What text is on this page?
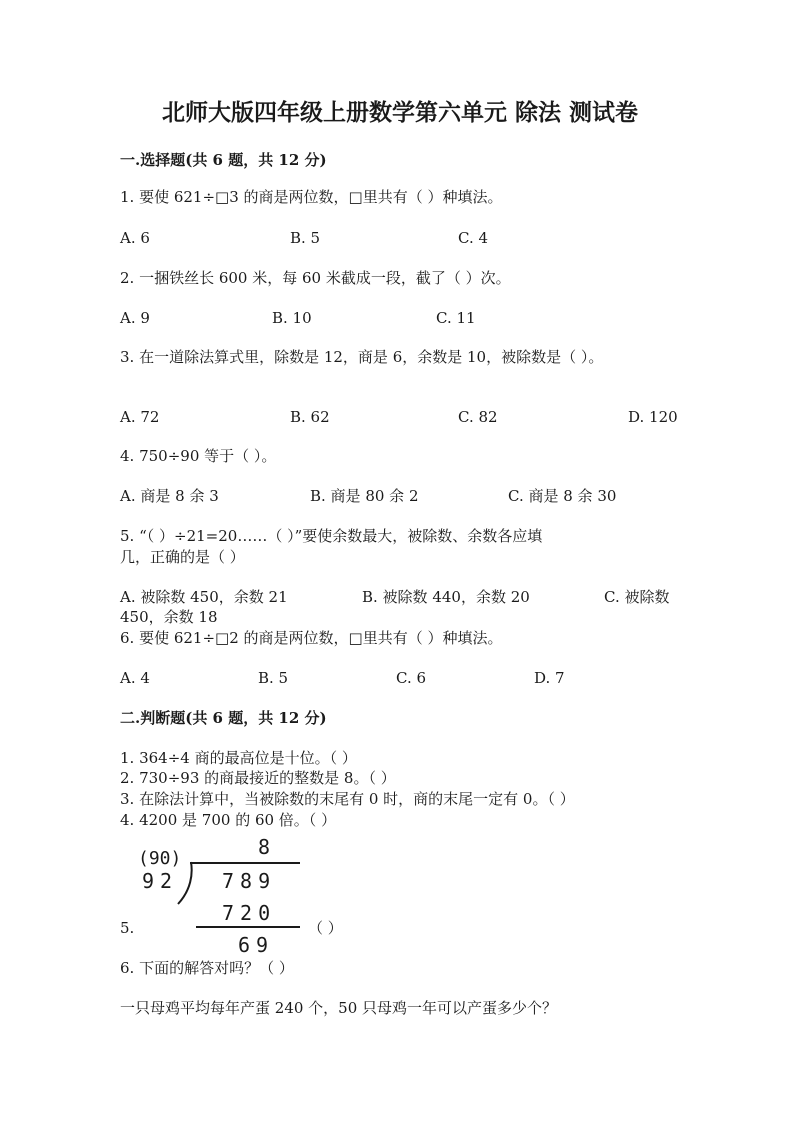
北师大版四年级上册数学第六单元 除法 测试卷
一.选择题(共 6 题，共 12 分)
1. 要使 621÷□3 的商是两位数，□里共有（ ）种填法。
A. 6	B. 5	C. 4
2. 一捆铁丝长 600 米，每 60 米截成一段，截了（ ）次。
A. 9	B. 10	C. 11
3. 在一道除法算式里，除数是 12，商是 6，余数是 10，被除数是（ ）。
A. 72	B. 62	C. 82	D. 120
4. 750÷90 等于（ ）。
A. 商是 8 余 3	B. 商是 80 余 2	C. 商是 8 余 30
5. “（ ）÷21=20……（ ）”要使余数最大，被除数、余数各应填
几，正确的是（ ）
A. 被除数 450，余数 21	B. 被除数 440，余数 20	C. 被除数
450，余数 18
6. 要使 621÷□2 的商是两位数，□里共有（ ）种填法。
A. 4	B. 5	C. 6	D. 7
二.判断题(共 6 题，共 12 分)
1. 364÷4 商的最高位是十位。（ ）
2. 730÷93 的商最接近的整数是 8。（ ）
3. 在除法计算中，当被除数的末尾有 0 时，商的末尾一定有 0。（ ）
4. 4200 是 700 的 60 倍。（ ）
(90)	8
92 789
720
69
5.	（ ）
6. 下面的解答对吗？（ ）
一只母鸡平均每年产蛋 240 个，50 只母鸡一年可以产蛋多少个？
